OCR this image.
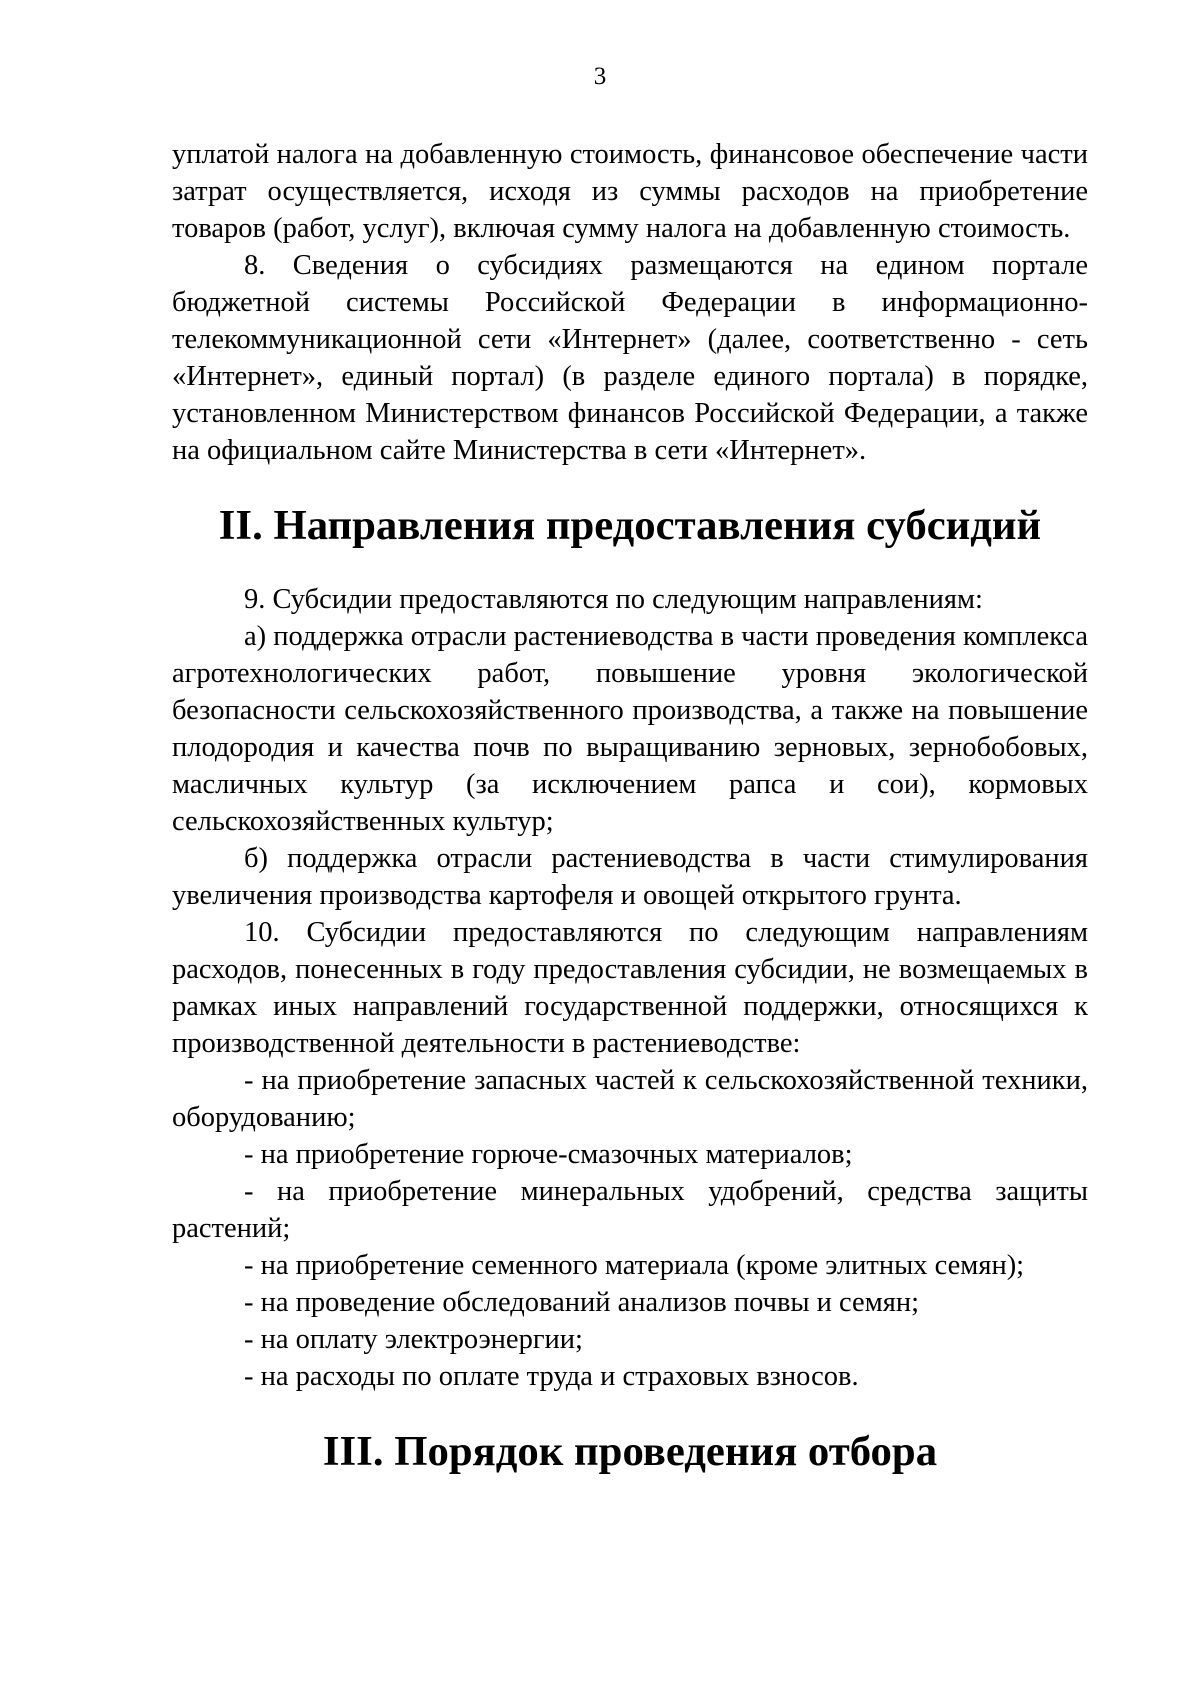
3

уплатой налога на добавленную стоимость, финансовое обеспечение части затрат осуществляется, исходя из суммы расходов на приобретение товаров (работ, услуг), включая сумму налога на добавленную стоимость.

8. Сведения о субсидиях размещаются на едином портале бюджетной системы Российской Федерации в информационно-телекоммуникационной сети «Интернет» (далее, соответственно - сеть «Интернет», единый портал) (в разделе единого портала) в порядке, установленном Министерством финансов Российской Федерации, а также на официальном сайте Министерства в сети «Интернет».

II. Направления предоставления субсидий

9. Субсидии предоставляются по следующим направлениям:

а) поддержка отрасли растениеводства в части проведения комплекса агротехнологических работ, повышение уровня экологической безопасности сельскохозяйственного производства, а также на повышение плодородия и качества почв по выращиванию зерновых, зернобобовых, масличных культур (за исключением рапса и сои), кормовых сельскохозяйственных культур;

б) поддержка отрасли растениеводства в части стимулирования увеличения производства картофеля и овощей открытого грунта.

10. Субсидии предоставляются по следующим направлениям расходов, понесенных в году предоставления субсидии, не возмещаемых в рамках иных направлений государственной поддержки, относящихся к производственной деятельности в растениеводстве:

- на приобретение запасных частей к сельскохозяйственной техники, оборудованию;

- на приобретение горюче-смазочных материалов;

- на приобретение минеральных удобрений, средства защиты растений;

- на приобретение семенного материала (кроме элитных семян);

- на проведение обследований анализов почвы и семян;

- на оплату электроэнергии;

- на расходы по оплате труда и страховых взносов.

III. Порядок проведения отбора
